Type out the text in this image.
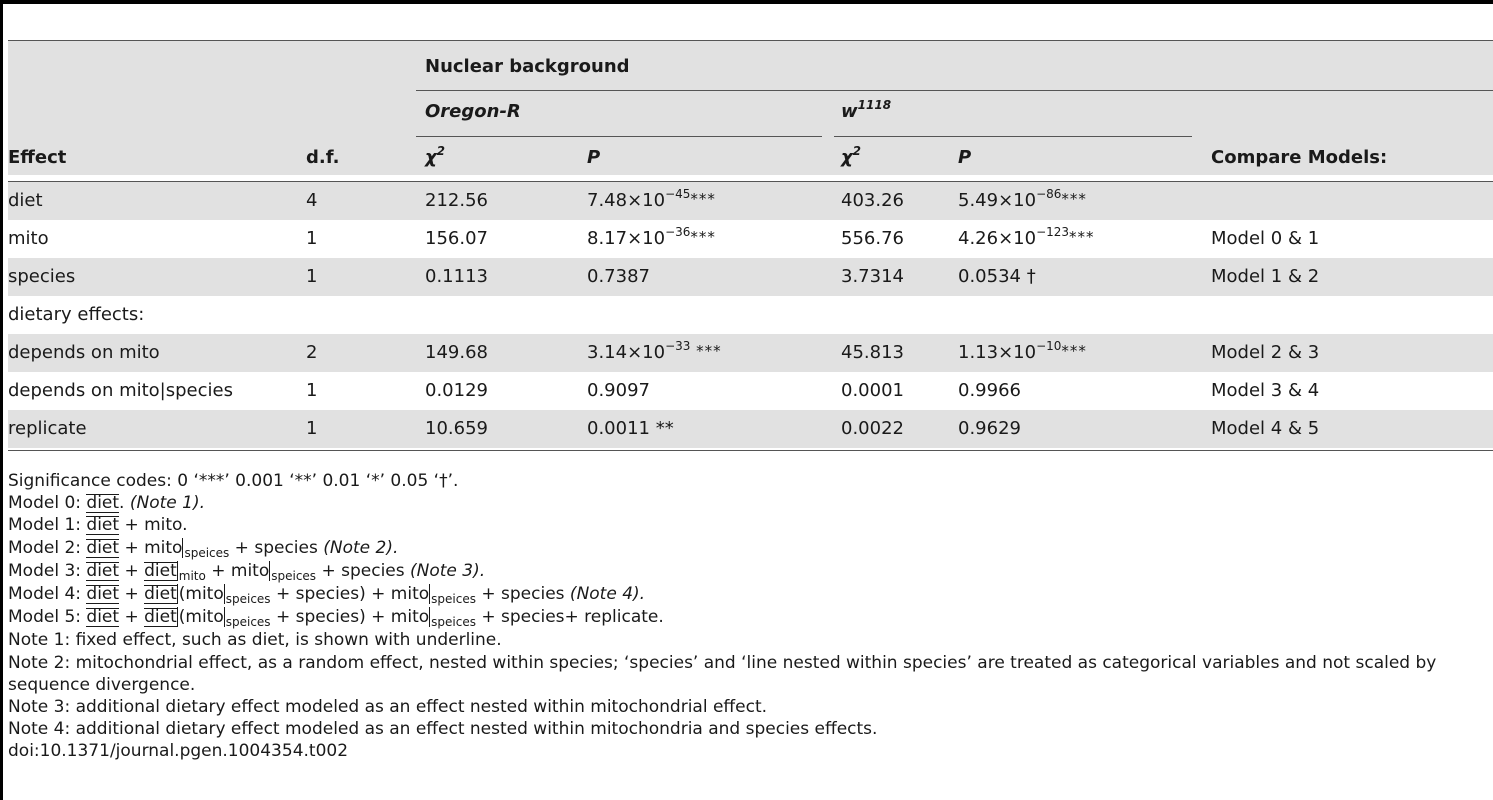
Nuclear background
Oregon-R	$w^{1118}$
Effect	d.f.	$\chi^2$	P	$\chi^2$	P	Compare Models:
diet	4	212.56	$7.48\times 10^{-45}***$	403.26	$5.49\times 10^{-86}***$
mito	1	156.07	$8.17\times 10^{-36}***$	556.76	$4.26\times 10^{-123}***$	Model 0 & 1
species	1	0.1113	0.7387	3.7314	0.0534 †	Model 1 & 2
dietary effects:
depends on mito	2	149.68	$3.14\times 10^{-33}$ ***	45.813	$1.13\times 10^{-10}***$	Model 2 & 3
depends on mito|species	1	0.0129	0.9097	0.0001	0.9966	Model 3 & 4
replicate	1	10.659	0.0011 **	0.0022	0.9629	Model 4 & 5
Significance codes: 0 ‘***’ 0.001 ‘**’ 0.01 ‘*’ 0.05 ‘†’.
Model 0: diet. (Note 1).
Model 1: diet + mito.
Model 2: diet + mito $_{speices}$ + species (Note 2).
Model 3: diet + diet $_{mito}$ + mito $_{speices}$ + species (Note 3).
Model 4: diet + diet (mito $_{speices}$ + species) + mito $_{speices}$ + species (Note 4).
Model 5: diet + diet (mito $_{speices}$ + species) + mito $_{speices}$ + species+ replicate.
Note 1: fixed effect, such as diet, is shown with underline.
Note 2: mitochondrial effect, as a random effect, nested within species; ‘species’ and ‘line nested within species’ are treated as categorical variables and not scaled by sequence divergence.
Note 3: additional dietary effect modeled as an effect nested within mitochondrial effect.
Note 4: additional dietary effect modeled as an effect nested within mitochondria and species effects.
doi:10.1371/journal.pgen.1004354.t002
